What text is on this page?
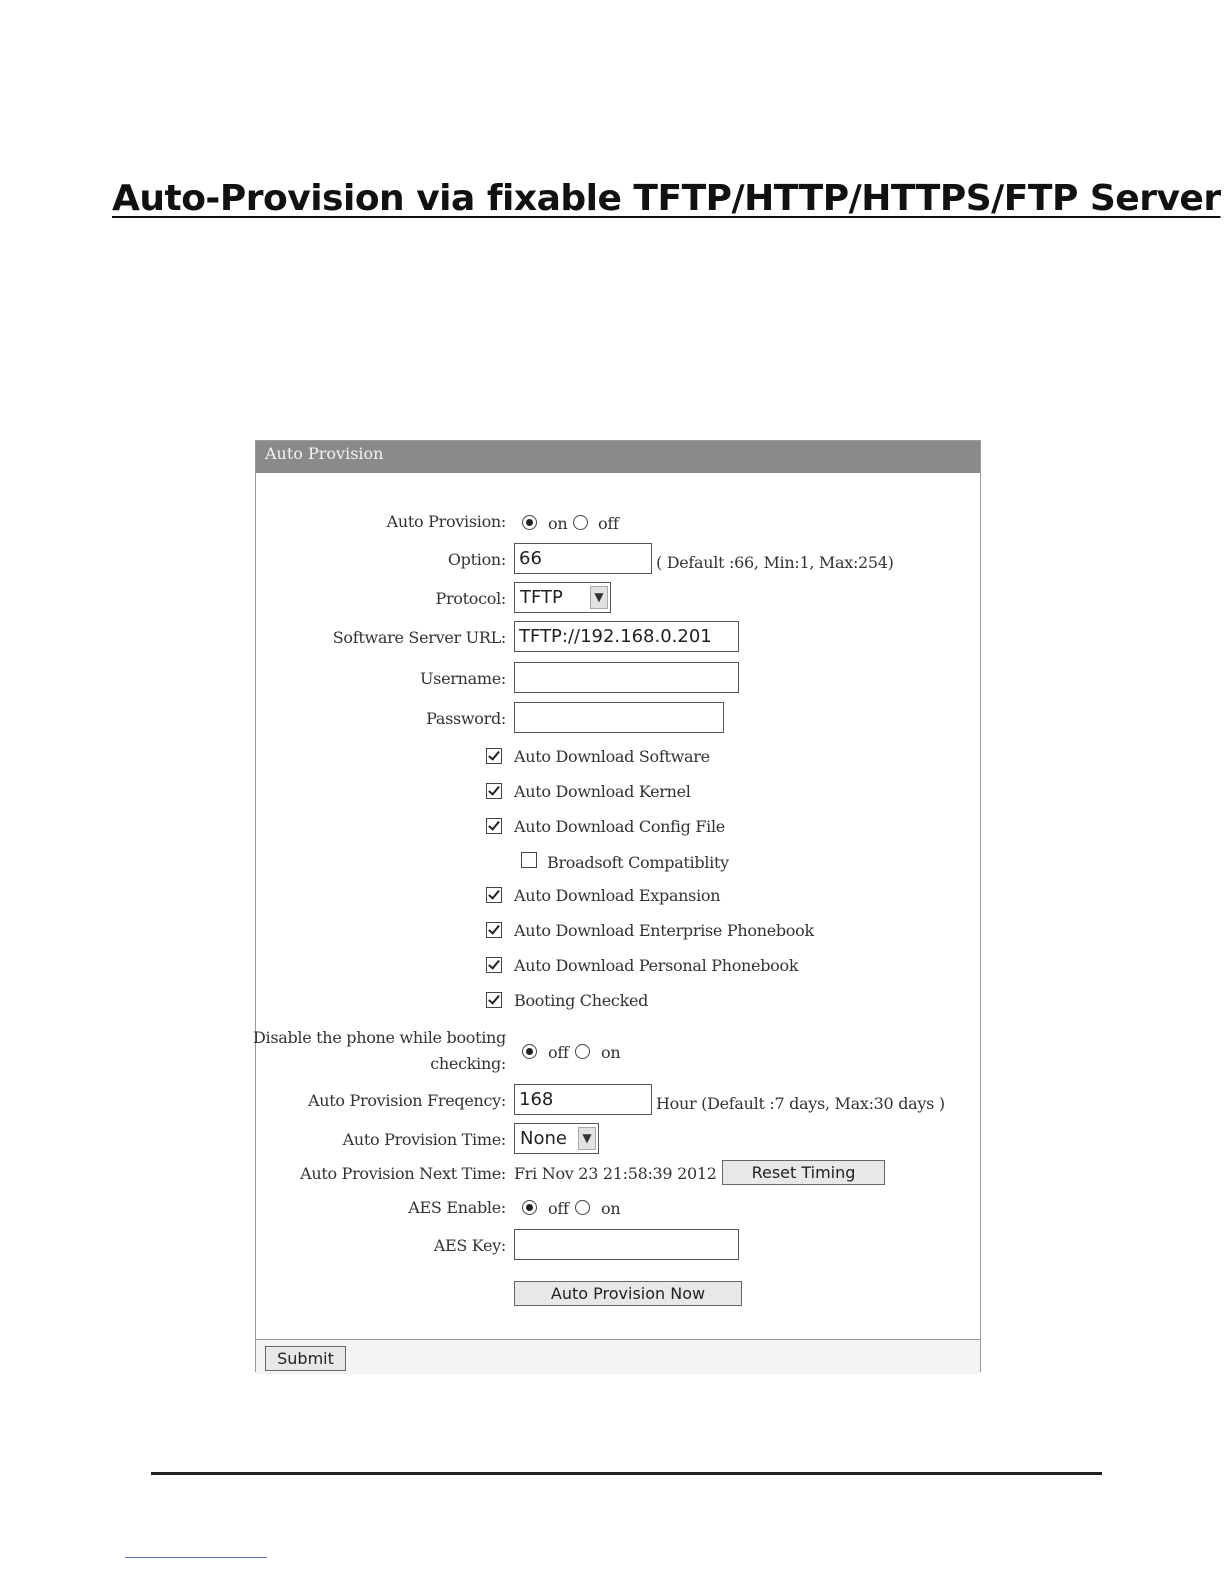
Auto-Provision via fixable TFTP/HTTP/HTTPS/FTP Server
Auto Provision
Auto Provision:	on off
Option: 66	( Default :66, Min:1, Max:254)
Protocol: TFTP	▼
Software Server URL: TFTP://192.168.0.201
Username:
Password:
Auto Download Software
Auto Download Kernel
Auto Download Config File
Broadsoft Compatiblity
Auto Download Expansion
Auto Download Enterprise Phonebook
Auto Download Personal Phonebook
Booting Checked
Disable the phone while booting
checking:
off on
Auto Provision Freqency: 168	Hour (Default :7 days, Max:30 days )
Auto Provision Time: None	▼
Auto Provision Next Time: Fri Nov 23 21:58:39 2012	Reset Timing
AES Enable:	off on
AES Key:
Auto Provision Now
Submit
